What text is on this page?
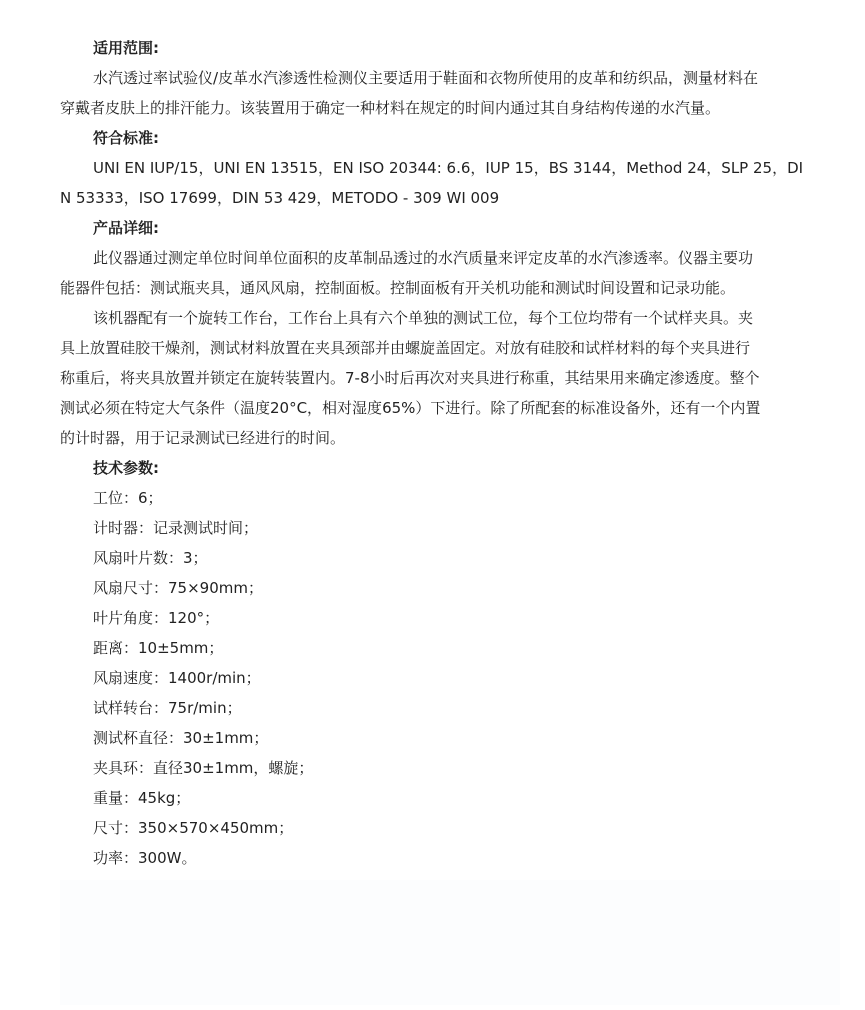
适用范围:
水汽透过率试验仪/皮革水汽渗透性检测仪主要适用于鞋面和衣物所使用的皮革和纺织品，测量材料在
穿戴者皮肤上的排汗能力。该装置用于确定一种材料在规定的时间内通过其自身结构传递的水汽量。
符合标准:
UNI EN IUP/15，UNI EN 13515，EN ISO 20344: 6.6，IUP 15，BS 3144，Method 24，SLP 25，DI
N 53333，ISO 17699，DIN 53 429，METODO - 309 WI 009
产品详细:
此仪器通过测定单位时间单位面积的皮革制品透过的水汽质量来评定皮革的水汽渗透率。仪器主要功
能器件包括：测试瓶夹具，通风风扇，控制面板。控制面板有开关机功能和测试时间设置和记录功能。
该机器配有一个旋转工作台，工作台上具有六个单独的测试工位，每个工位均带有一个试样夹具。夹
具上放置硅胶干燥剂，测试材料放置在夹具颈部并由螺旋盖固定。对放有硅胶和试样材料的每个夹具进行
称重后，将夹具放置并锁定在旋转装置内。7-8小时后再次对夹具进行称重，其结果用来确定渗透度。整个
测试必须在特定大气条件（温度20°C，相对湿度65%）下进行。除了所配套的标准设备外，还有一个内置
的计时器，用于记录测试已经进行的时间。
技术参数:
工位：6；
计时器：记录测试时间；
风扇叶片数：3；
风扇尺寸：75×90mm；
叶片角度：120°；
距离：10±5mm；
风扇速度：1400r/min；
试样转台：75r/min；
测试杯直径：30±1mm；
夹具环：直径30±1mm，螺旋；
重量：45kg；
尺寸：350×570×450mm；
功率：300W。
